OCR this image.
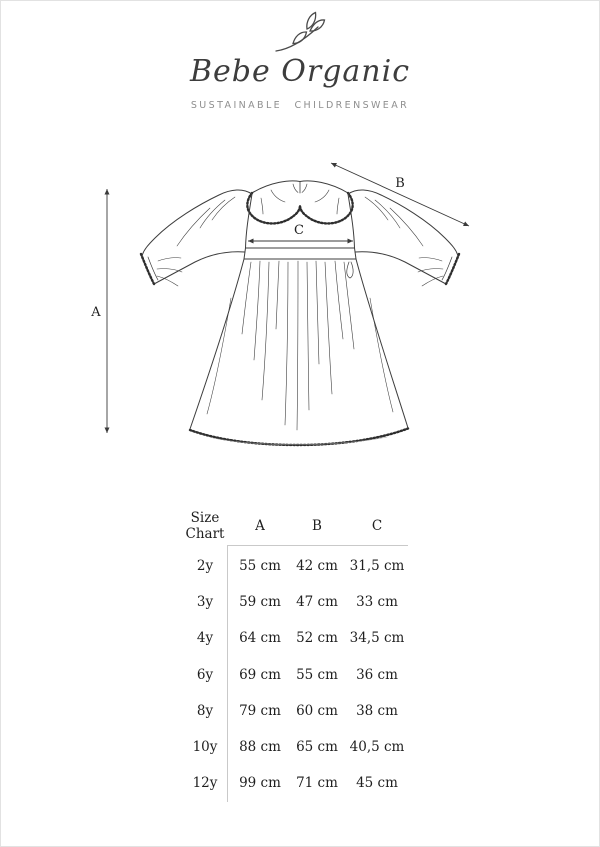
Bebe Organic
SUSTAINABLE CHILDRENSWEAR
A
B
C
Size
Chart	A	B	C
2y	55 cm	42 cm 31,5 cm
3y	59 cm	47 cm	33 cm
4y	64 cm	52 cm 34,5 cm
6y	69 cm	55 cm	36 cm
8y	79 cm	60 cm	38 cm
10y	88 cm	65 cm 40,5 cm
12y	99 cm	71 cm	45 cm
